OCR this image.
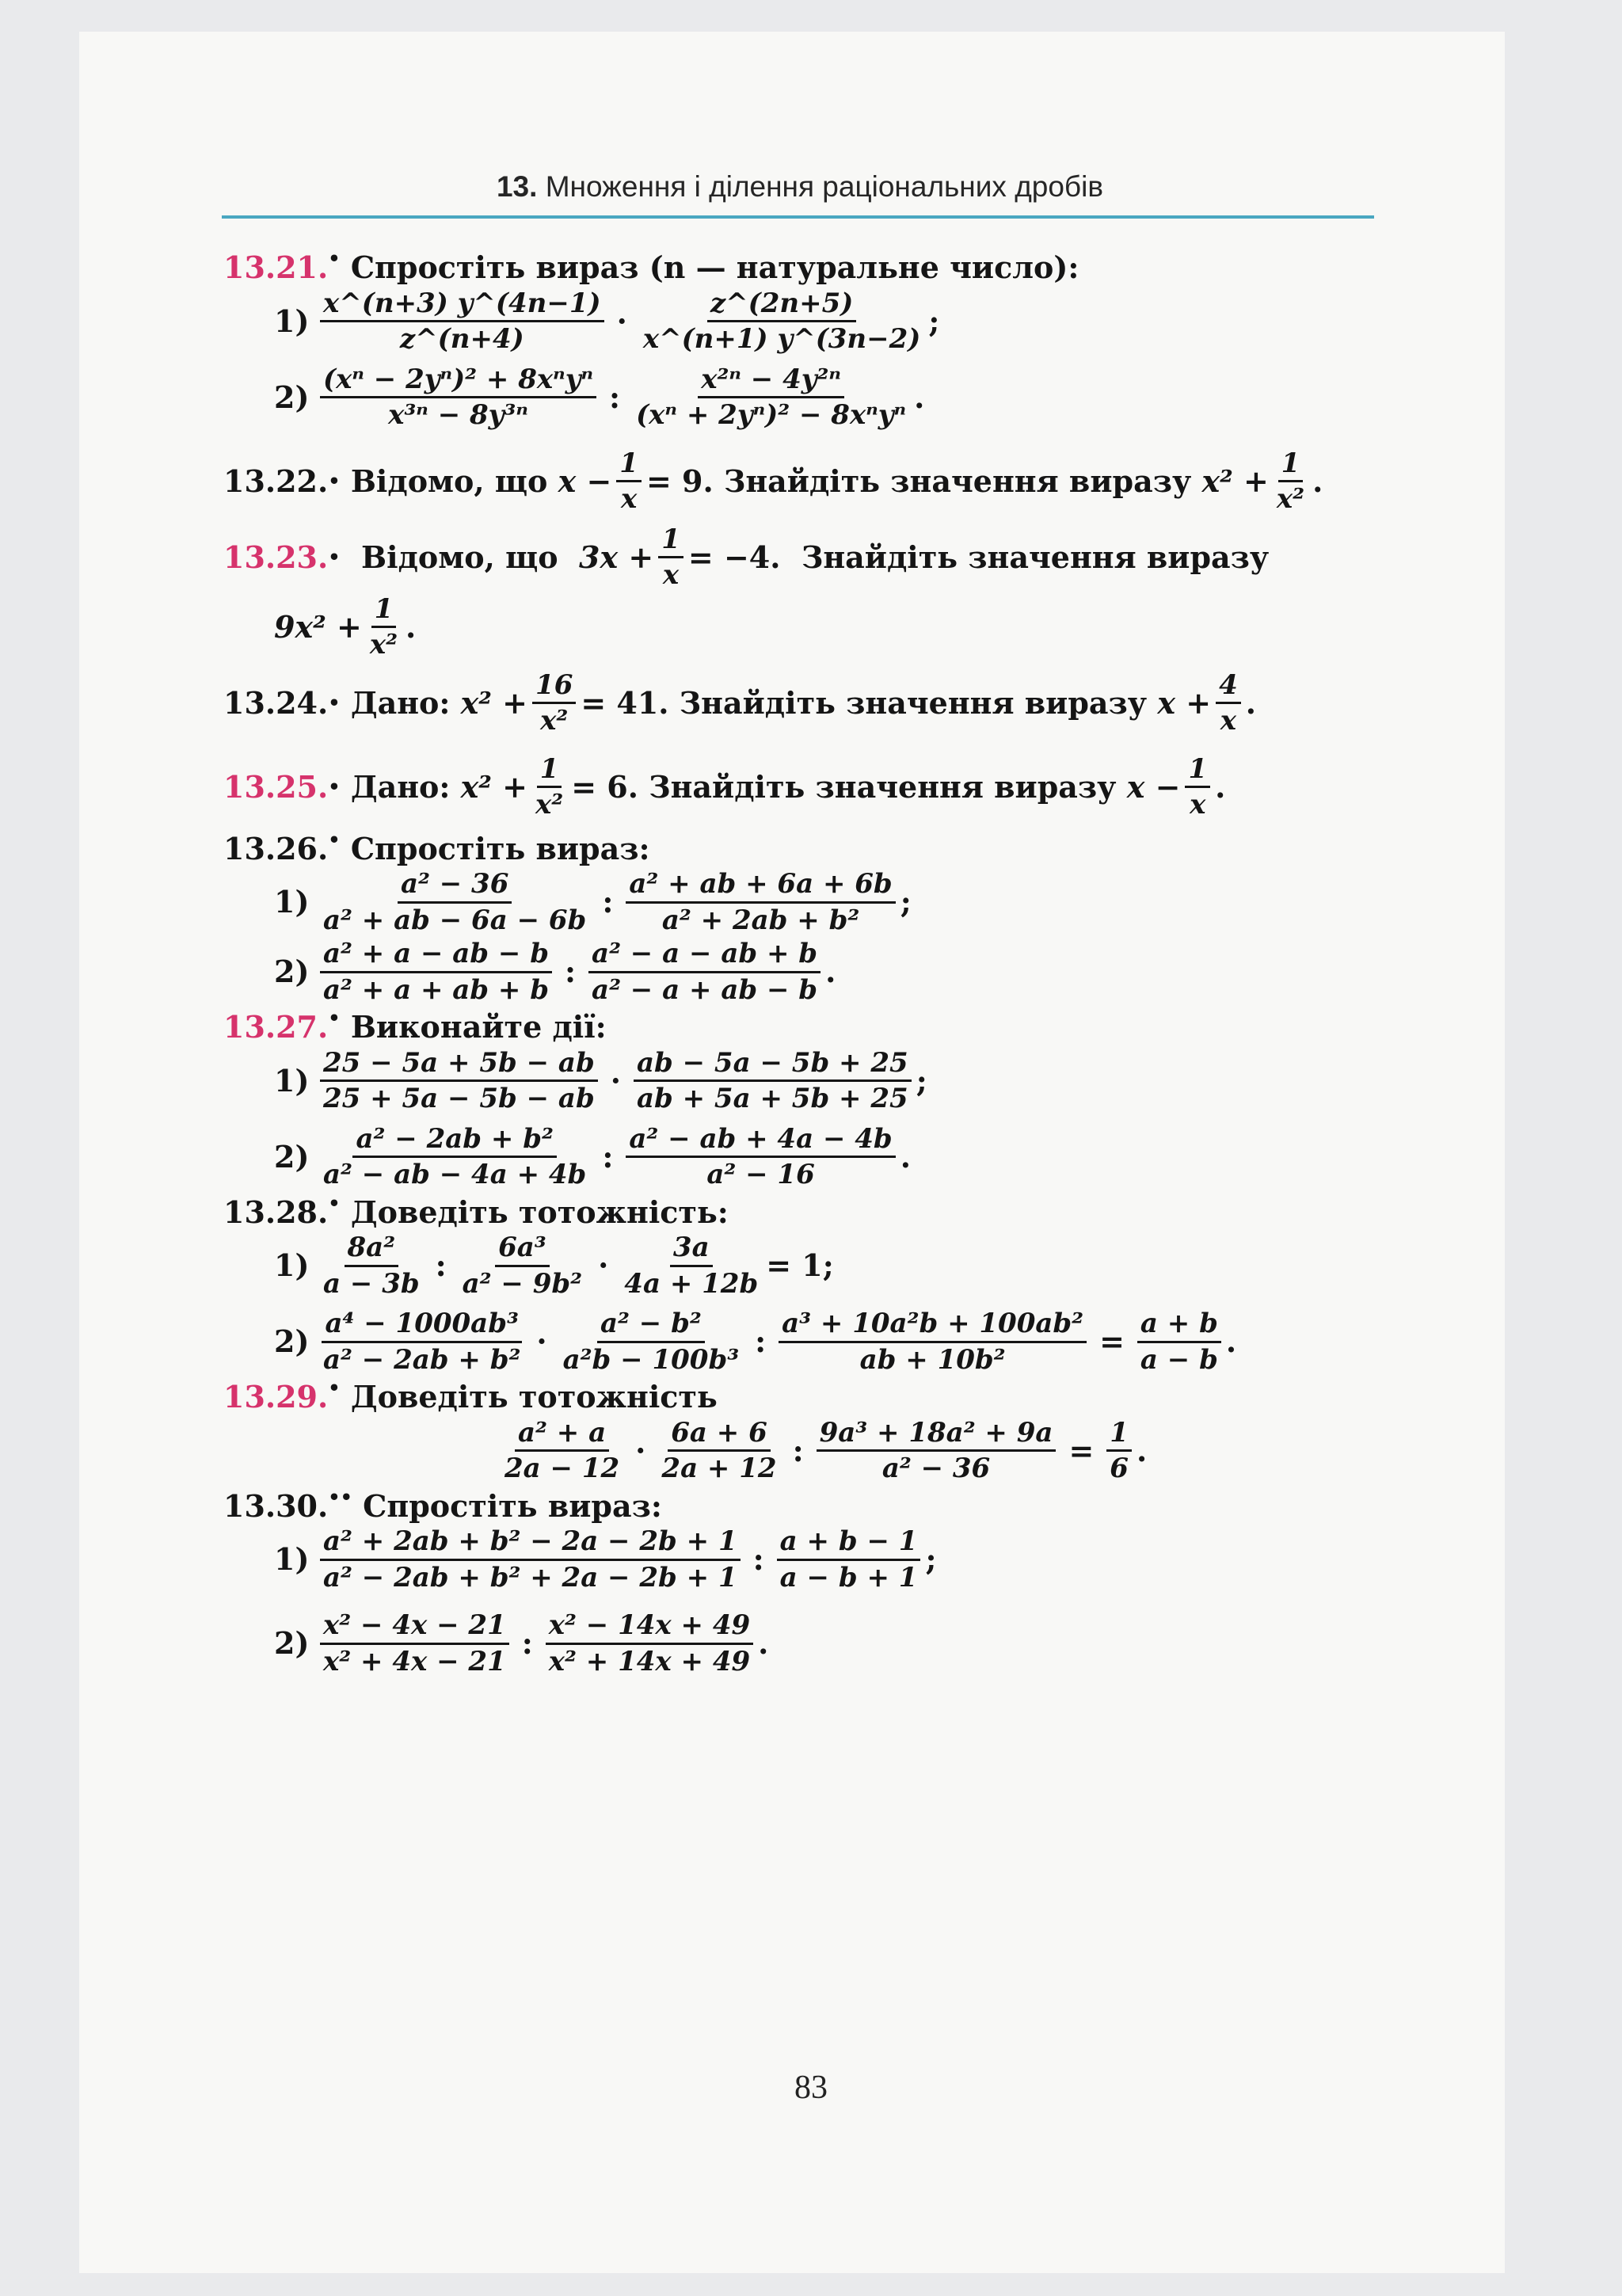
13. Множення і ділення раціональних дробів

13.21.• Спростіть вираз (n — натуральне число):

$1) \frac{x\^{}(n+3) y\^{}(4n-1)}{z\^{}(n+4)} \cdot \frac{z\^{}(2n+5)}{x\^{}(n+1) y\^{}(3n-2)}$ ;
2)
(xⁿ − 2yⁿ)² + 8xⁿyⁿ
x³ⁿ − 8y³ⁿ
:
x²ⁿ − 4y²ⁿ
(xⁿ + 2yⁿ)² − 8xⁿyⁿ
.

13.22. •
Відомо, що
$x - \frac{1}{x} = 9$.
Знайдіть значення виразу
$x^2 + \frac{1}{\text{x²}}$ .

13.23. •
Відомо, що
$3x + \frac{1}{x} = -4$.
Знайдіть значення виразу

$9x^2 + \frac{1}{\text{x²}}$ .

13.24. •
Дано:
$x^2 + \frac{16}{\text{x²}} = 41$.
Знайдіть значення виразу
$x + \frac{4}{x}$ .

13.25. •
Дано:
$x^2 + \frac{1}{\text{x²}} = 6$.
Знайдіть значення виразу
$x - \frac{1}{x}$ .

13.26.• Спростіть вираз:

$1) \frac{\text{a² − 36}}{\text{a² + ab − 6a − 6b}}$ : $\frac{\text{a² + ab + 6a + 6b}}{\text{a² + 2ab + b²}}$ ;
$2) \frac{\text{a² + a − ab − b}}{\text{a² + a + ab + b}}$ : $\frac{\text{a² − a − ab + b}}{\text{a² − a + ab − b}}$ .

13.27.• Виконайте дії:

$1) \frac{25 - 5a + 5b - ab}{25 + 5a - 5b - ab} \cdot \frac{ab - 5a - 5b + 25}{ab + 5a + 5b + 25}$ ;
$2) \frac{\text{a² − 2ab + b²}}{\text{a² − ab − 4a + 4b}}$ : $\frac{\text{a² − ab + 4a − 4b}}{\text{a² − 16}}$ .

13.28.• Доведіть тотожність:

$1) \frac{\text{8a²}}{a - 3b}$ : $\frac{\text{6a³}}{\text{a² − 9b²}} \cdot \frac{3a}{4a + 12b} = 1$;
$2) \frac{\text{a⁴ − 1000ab³}}{\text{a² − 2ab + b²}} \cdot \frac{\text{a² − b²}}{\text{a²b − 100b³}}$ : $\frac{\text{a³ + 10a²b + 100ab²}}{\text{ab + 10b²}} = \frac{a + b}{a - b}$ .

13.29.• Доведіть тотожність

$\frac{\text{a² + a}}{2a - 12} \cdot \frac{6a + 6}{2a + 12}$ : $\frac{\text{9a³ + 18a² + 9a}}{\text{a² − 36}} = \frac{1}{6}$ .

13.30.•• Спростіть вираз:

$1) \frac{\text{a² + 2ab + b² − 2a − 2b + 1}}{\text{a² − 2ab + b² + 2a − 2b + 1}}$ : $\frac{a + b - 1}{a - b + 1}$ ;
$2) \frac{\text{x² − 4x − 21}}{\text{x² + 4x − 21}}$ : $\frac{\text{x² − 14x + 49}}{\text{x² + 14x + 49}}$ .
83
